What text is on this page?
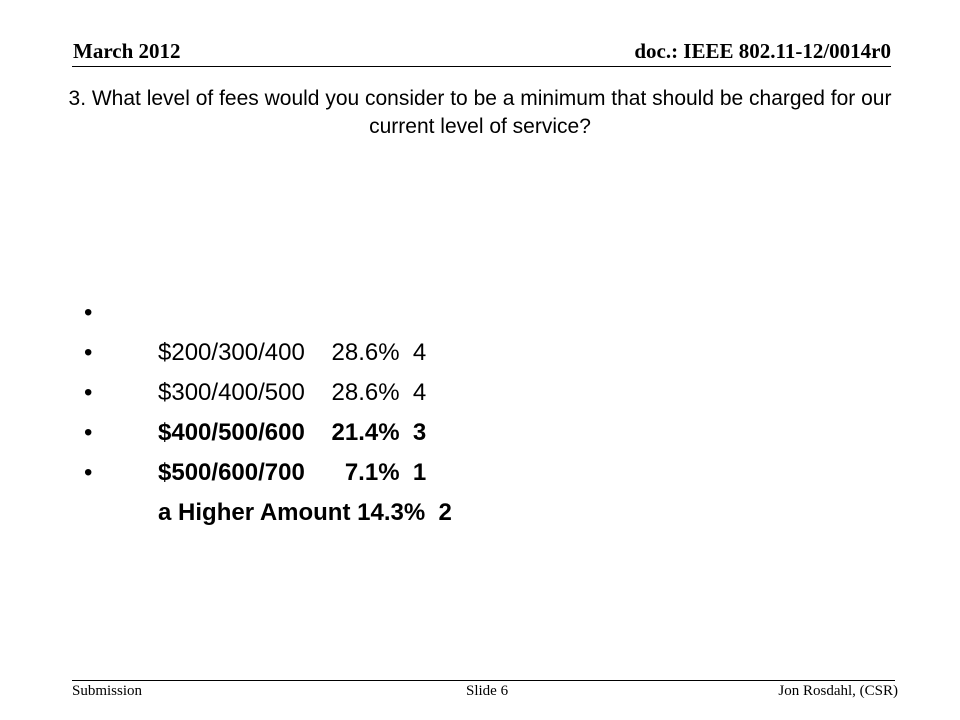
March 2012	doc.: IEEE 802.11-12/0014r0
3. What level of fees would you consider to be a minimum that should be charged for our current level of service?

•
$200/300/400    28.6%  4

•
$300/400/500    28.6%  4

•
$400/500/600    21.4%  3

•
$500/600/700      7.1%  1

•
a Higher Amount 14.3%  2

Submission	Slide 6	Jon Rosdahl, (CSR)
